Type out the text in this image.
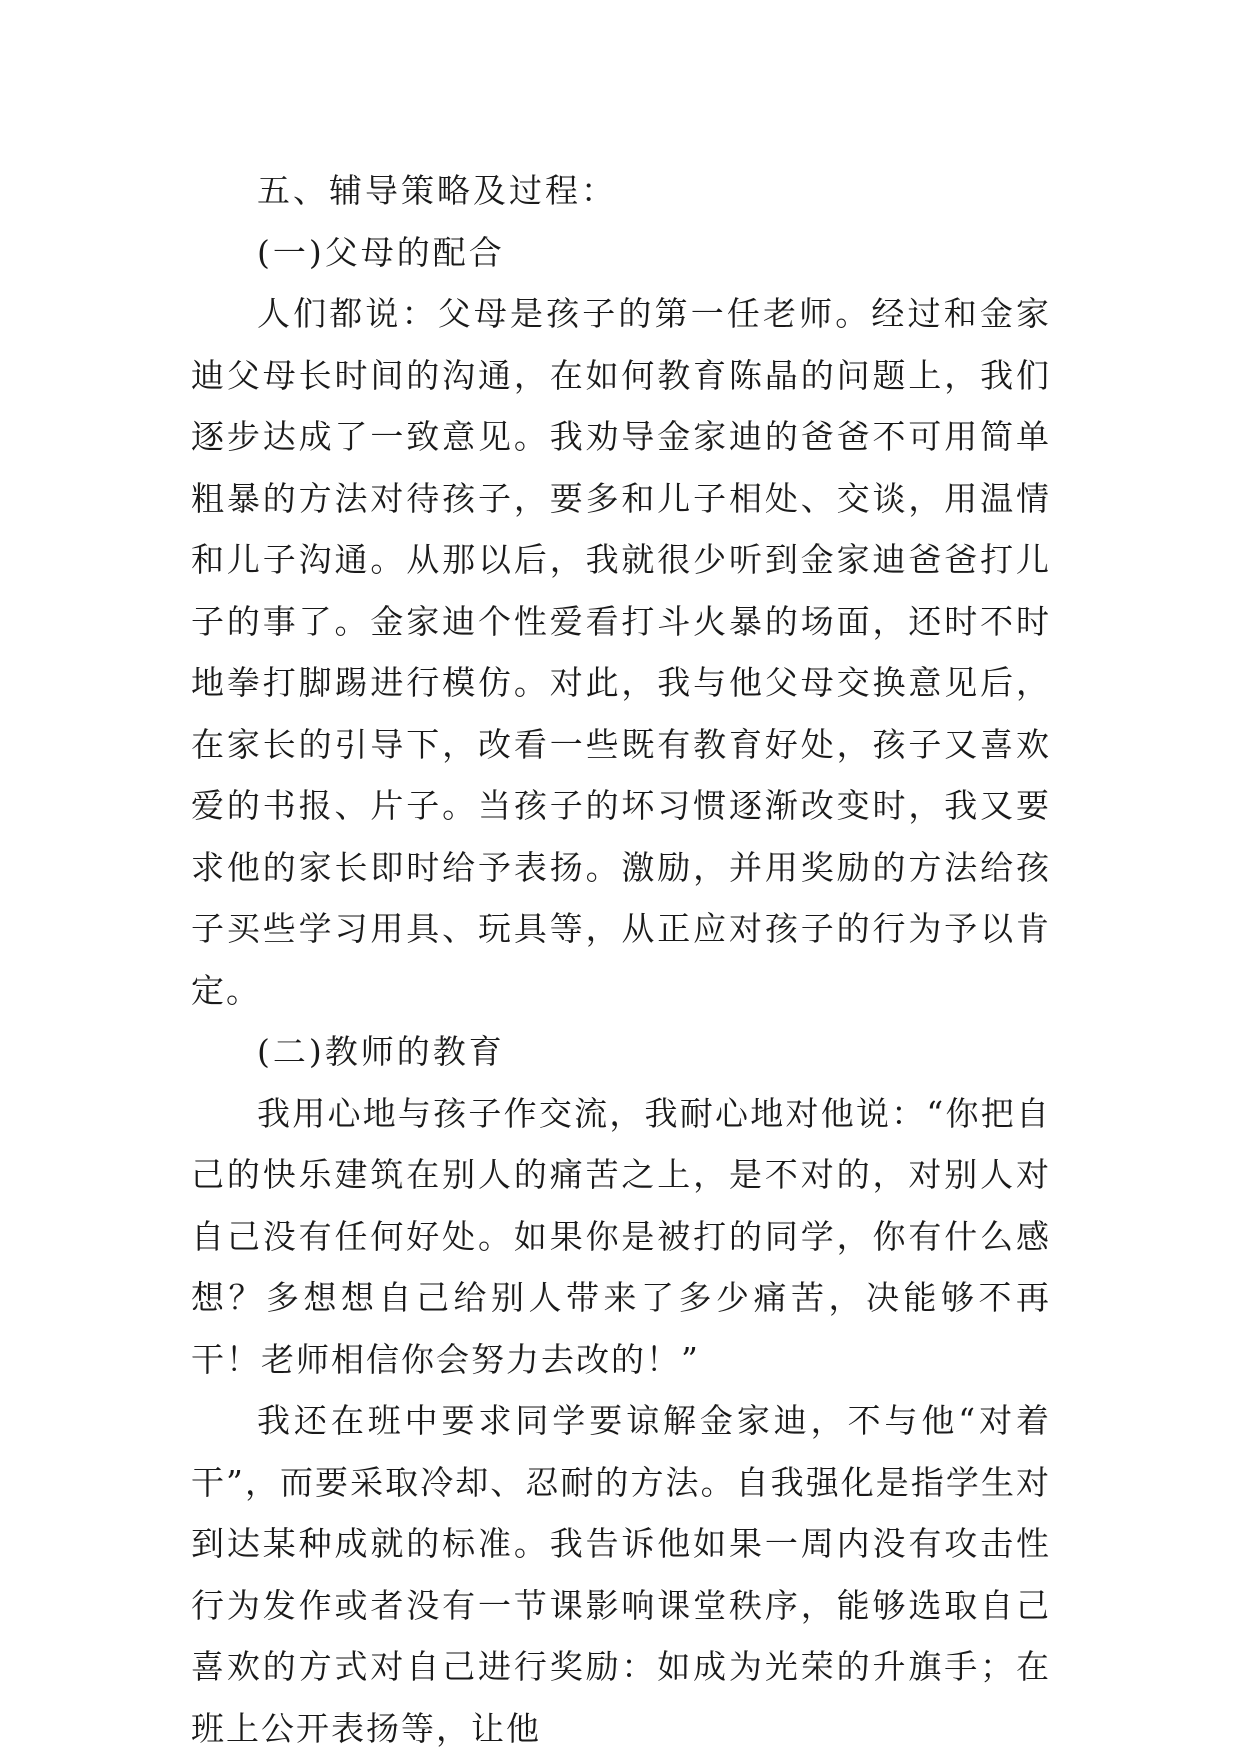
五、辅导策略及过程：

(一)父母的配合

人们都说：父母是孩子的第一任老师。经过和金家迪父母长时间的沟通，在如何教育陈晶的问题上，我们逐步达成了一致意见。我劝导金家迪的爸爸不可用简单粗暴的方法对待孩子，要多和儿子相处、交谈，用温情和儿子沟通。从那以后，我就很少听到金家迪爸爸打儿子的事了。金家迪个性爱看打斗火暴的场面，还时不时地拳打脚踢进行模仿。对此，我与他父母交换意见后，在家长的引导下，改看一些既有教育好处，孩子又喜欢爱的书报、片子。当孩子的坏习惯逐渐改变时，我又要求他的家长即时给予表扬。激励，并用奖励的方法给孩子买些学习用具、玩具等，从正应对孩子的行为予以肯定。

(二)教师的教育

我用心地与孩子作交流，我耐心地对他说：“你把自己的快乐建筑在别人的痛苦之上，是不对的，对别人对自己没有任何好处。如果你是被打的同学，你有什么感想？多想想自己给别人带来了多少痛苦，决能够不再干！老师相信你会努力去改的！”

我还在班中要求同学要谅解金家迪，不与他“对着干”，而要采取冷却、忍耐的方法。自我强化是指学生对到达某种成就的标准。我告诉他如果一周内没有攻击性行为发作或者没有一节课影响课堂秩序，能够选取自己喜欢的方式对自己进行奖励：如成为光荣的升旗手；在班上公开表扬等，让他
